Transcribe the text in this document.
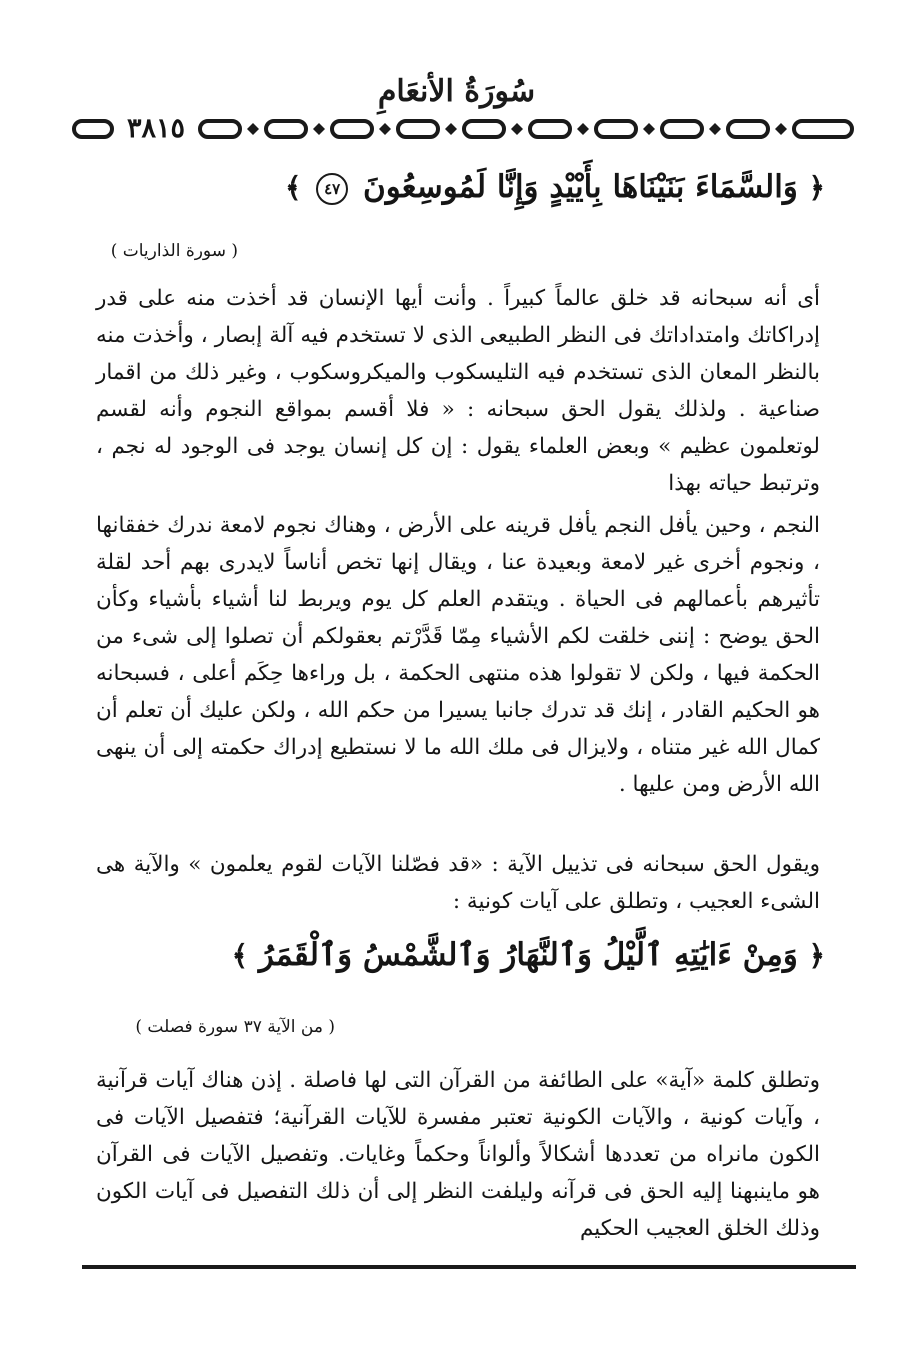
سُورَةُ الأنعَامِ
٣٨١٥
﴿ وَالسَّمَاءَ بَنَيْنَاهَا بِأَيْيْدٍ وَإِنَّا لَمُوسِعُونَ ٤٧ ﴾
( سورة الذاريات )

أى أنه سبحانه قد خلق عالماً كبيراً . وأنت أيها الإنسان قد أخذت منه على قدر إدراكاتك وامتداداتك فى النظر الطبيعى الذى لا تستخدم فيه آلة إبصار ، وأخذت منه بالنظر المعان الذى تستخدم فيه التليسكوب والميكروسكوب ، وغير ذلك من اقمار صناعية . ولذلك يقول الحق سبحانه : « فلا أقسم بمواقع النجوم وأنه لقسم لوتعلمون عظيم » وبعض العلماء يقول : إن كل إنسان يوجد فى الوجود له نجم ، وترتبط حياته بهذا

النجم ، وحين يأفل النجم يأفل قرينه على الأرض ، وهناك نجوم لامعة ندرك خفقانها ، ونجوم أخرى غير لامعة وبعيدة عنا ، ويقال إنها تخص أناساً لايدرى بهم أحد لقلة تأثيرهم بأعمالهم فى الحياة . ويتقدم العلم كل يوم ويربط لنا أشياء بأشياء وكأن الحق يوضح : إننى خلقت لكم الأشياء مِمّا قَدَّرْتم بعقولكم أن تصلوا إلى شىء من الحكمة فيها ، ولكن لا تقولوا هذه منتهى الحكمة ، بل وراءها حِكَم أعلى ، فسبحانه هو الحكيم القادر ، إنك قد تدرك جانبا يسيرا من حكم الله ، ولكن عليك أن تعلم أن كمال الله غير متناه ، ولايزال فى ملك الله ما لا نستطيع إدراك حكمته إلى أن ينهى الله الأرض ومن عليها .

ويقول الحق سبحانه فى تذييل الآية : «قد فصّلنا الآيات لقوم يعلمون » والآية هى الشىء العجيب ، وتطلق على آيات كونية :

﴿ وَمِنْ ءَايَٰتِهِ ٱلَّيْلُ وَٱلنَّهَارُ وَٱلشَّمْسُ وَٱلْقَمَرُ ﴾
( من الآية ٣٧ سورة فصلت )

وتطلق كلمة «آية» على الطائفة من القرآن التى لها فاصلة . إذن هناك آيات قرآنية ، وآيات كونية ، والآيات الكونية تعتبر مفسرة للآيات القرآنية؛ فتفصيل الآيات فى الكون مانراه من تعددها أشكالاً وألواناً وحكماً وغايات. وتفصيل الآيات فى القرآن هو ماينبهنا إليه الحق فى قرآنه وليلفت النظر إلى أن ذلك التفصيل فى آيات الكون وذلك الخلق العجيب الحكيم
